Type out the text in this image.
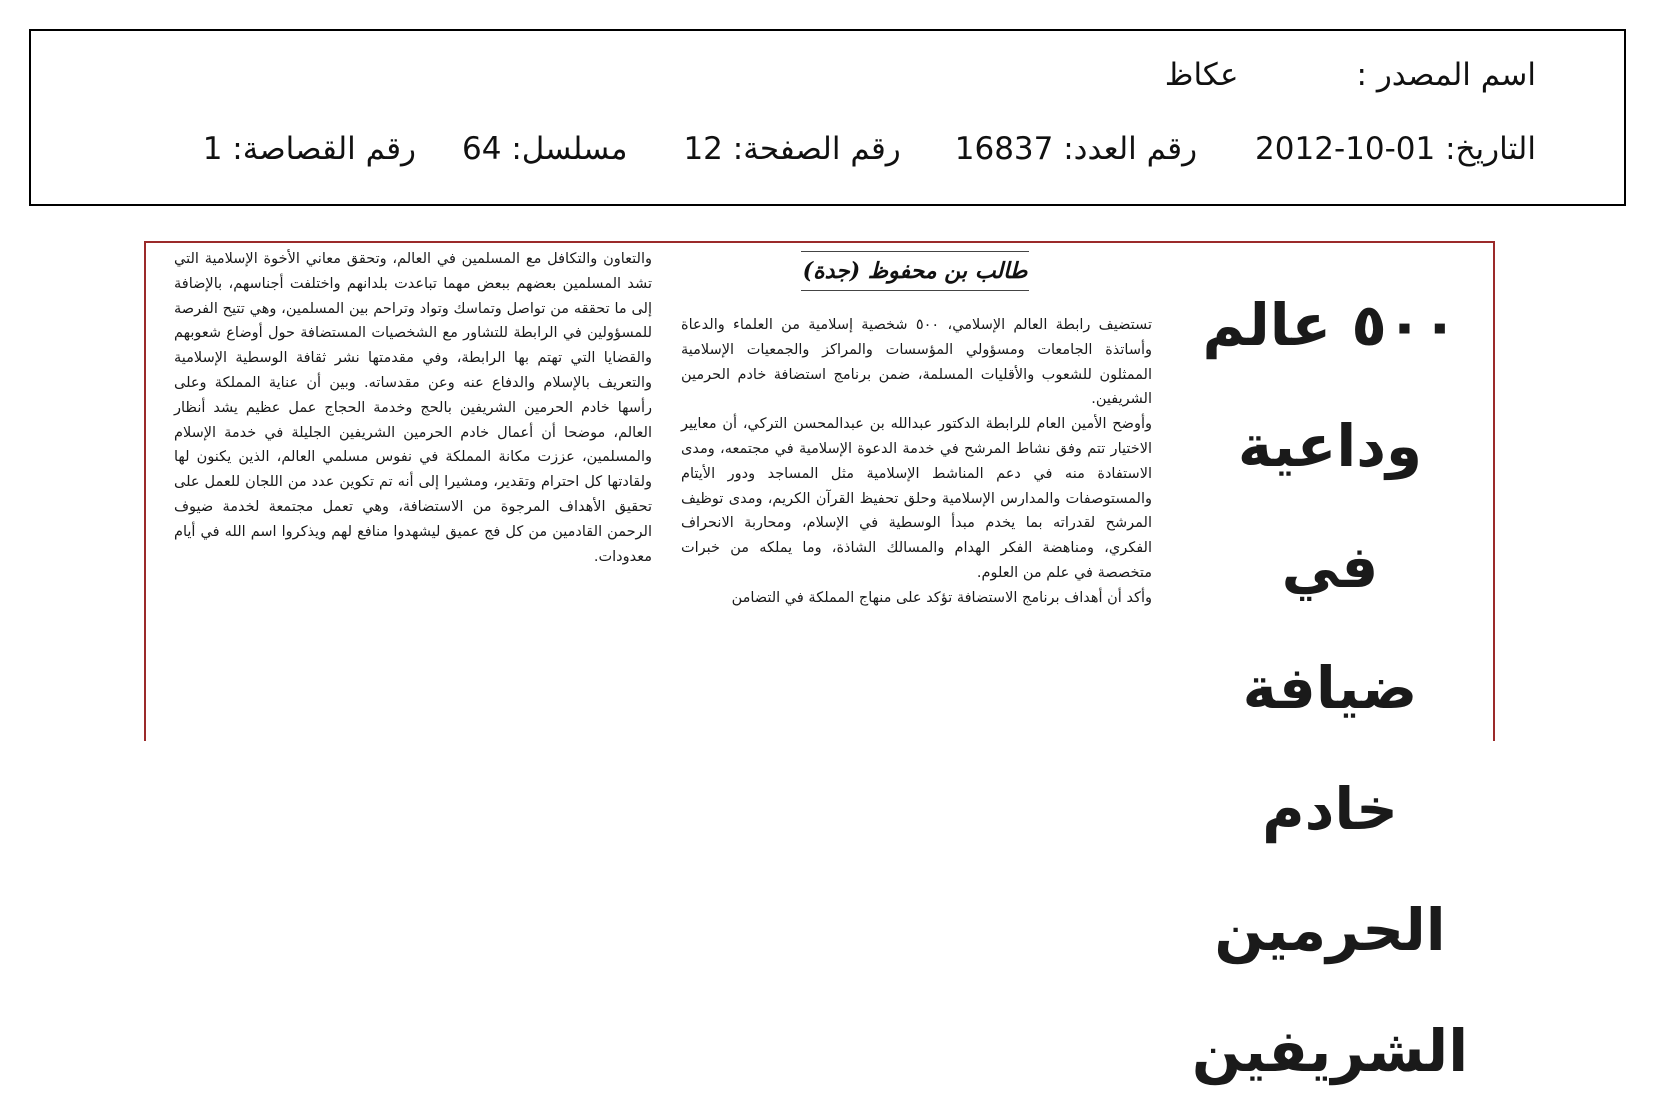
اسم المصدر :عكاظ
التاريخ: 2012-10-01رقم العدد: 16837رقم الصفحة: 12مسلسل: 64رقم القصاصة: 1
٥٠٠ عالم وداعية
في ضيافة
خادم الحرمين
الشريفين
طالب بن محفوظ (جدة)

تستضيف رابطة العالم الإسلامي، ٥٠٠ شخصية إسلامية من العلماء والدعاة وأساتذة الجامعات ومسؤولي المؤسسات والمراكز والجمعيات الإسلامية الممثلون للشعوب والأقليات المسلمة، ضمن برنامج استضافة خادم الحرمين الشريفين.

وأوضح الأمين العام للرابطة الدكتور عبدالله بن عبدالمحسن التركي، أن معايير الاختيار تتم وفق نشاط المرشح في خدمة الدعوة الإسلامية في مجتمعه، ومدى الاستفادة منه في دعم المناشط الإسلامية مثل المساجد ودور الأيتام والمستوصفات والمدارس الإسلامية وحلق تحفيظ القرآن الكريم، ومدى توظيف المرشح لقدراته بما يخدم مبدأ الوسطية في الإسلام، ومحاربة الانحراف الفكري، ومناهضة الفكر الهدام والمسالك الشاذة، وما يملكه من خبرات متخصصة في علم من العلوم.

وأكد أن أهداف برنامج الاستضافة تؤكد على منهاج المملكة في التضامن

والتعاون والتكافل مع المسلمين في العالم، وتحقق معاني الأخوة الإسلامية التي تشد المسلمين بعضهم ببعض مهما تباعدت بلدانهم واختلفت أجناسهم، بالإضافة إلى ما تحققه من تواصل وتماسك وتواد وتراحم بين المسلمين، وهي تتيح الفرصة للمسؤولين في الرابطة للتشاور مع الشخصيات المستضافة حول أوضاع شعوبهم والقضايا التي تهتم بها الرابطة، وفي مقدمتها نشر ثقافة الوسطية الإسلامية والتعريف بالإسلام والدفاع عنه وعن مقدساته. وبين أن عناية المملكة وعلى رأسها خادم الحرمين الشريفين بالحج وخدمة الحجاج عمل عظيم يشد أنظار العالم، موضحا أن أعمال خادم الحرمين الشريفين الجليلة في خدمة الإسلام والمسلمين، عززت مكانة المملكة في نفوس مسلمي العالم، الذين يكنون لها ولقادتها كل احترام وتقدير، ومشيرا إلى أنه تم تكوين عدد من اللجان للعمل على تحقيق الأهداف المرجوة من الاستضافة، وهي تعمل مجتمعة لخدمة ضيوف الرحمن القادمين من كل فج عميق ليشهدوا منافع لهم ويذكروا اسم الله في أيام معدودات.
